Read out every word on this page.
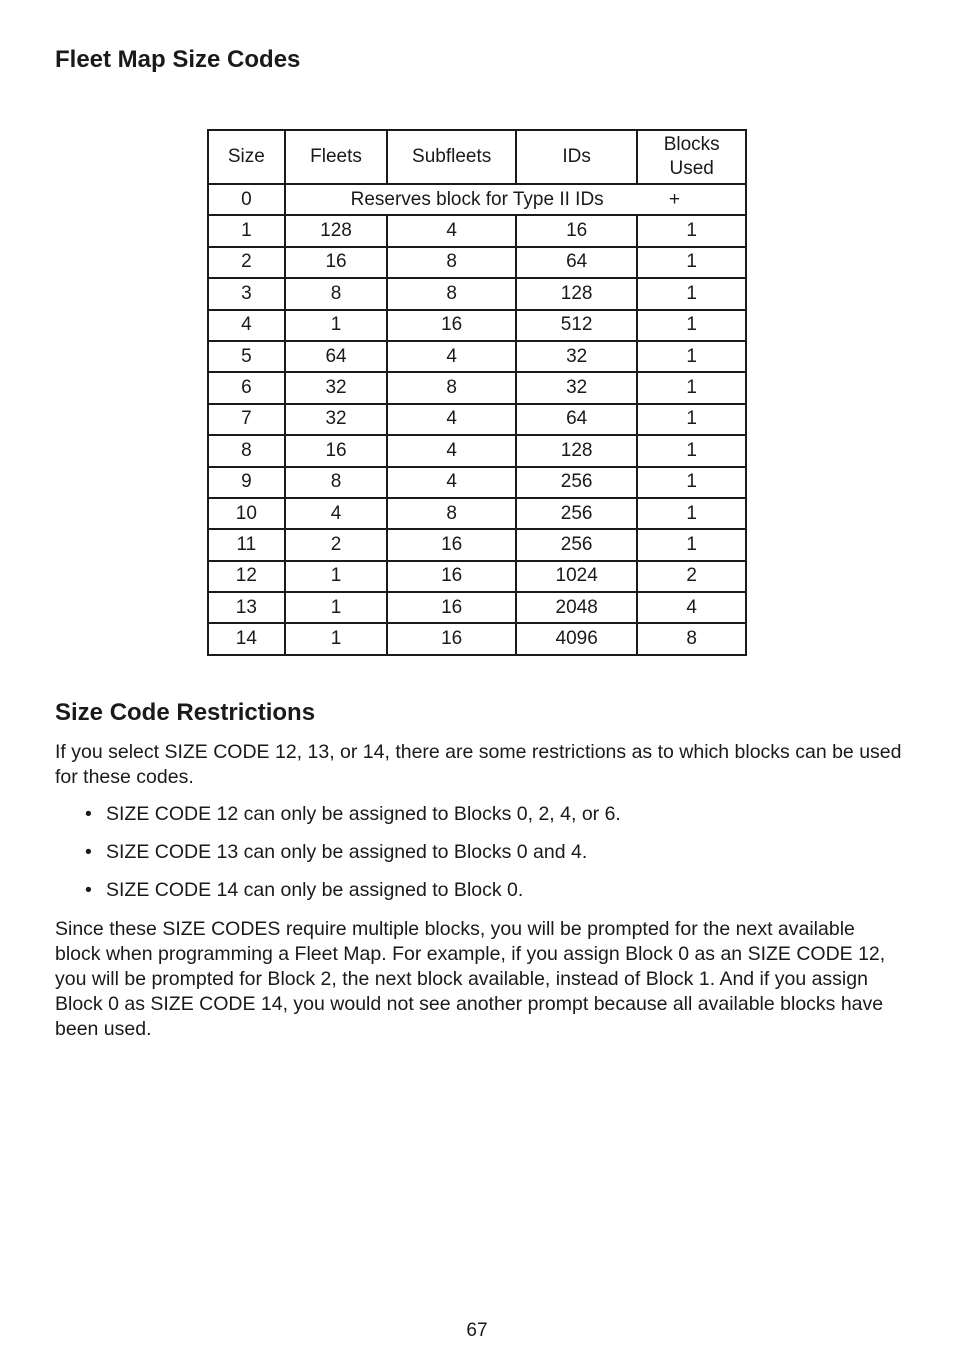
Fleet Map Size Codes
Size	Fleets	Subfleets	IDs	Blocks
Used
0	Reserves block for Type II IDs +			
1	128	4	16	1
2	16	8	64	1
3	8	8	128	1
4	1	16	512	1
5	64	4	32	1
6	32	8	32	1
7	32	4	64	1
8	16	4	128	1
9	8	4	256	1
10	4	8	256	1
11	2	16	256	1
12	1	16	1024	2
13	1	16	2048	4
14	1	16	4096	8
Size Code Restrictions

If you select SIZE CODE 12, 13, or 14, there are some restrictions as to which blocks can be used for these codes.

• SIZE CODE 12 can only be assigned to Blocks 0, 2, 4, or 6.
• SIZE CODE 13 can only be assigned to Blocks 0 and 4.
• SIZE CODE 14 can only be assigned to Block 0.

Since these SIZE CODES require multiple blocks, you will be prompted for the next available block when programming a Fleet Map. For example, if you assign Block 0 as an SIZE CODE 12, you will be prompted for Block 2, the next block available, instead of Block 1. And if you assign Block 0 as SIZE CODE 14, you would not see another prompt because all available blocks have been used.

67
